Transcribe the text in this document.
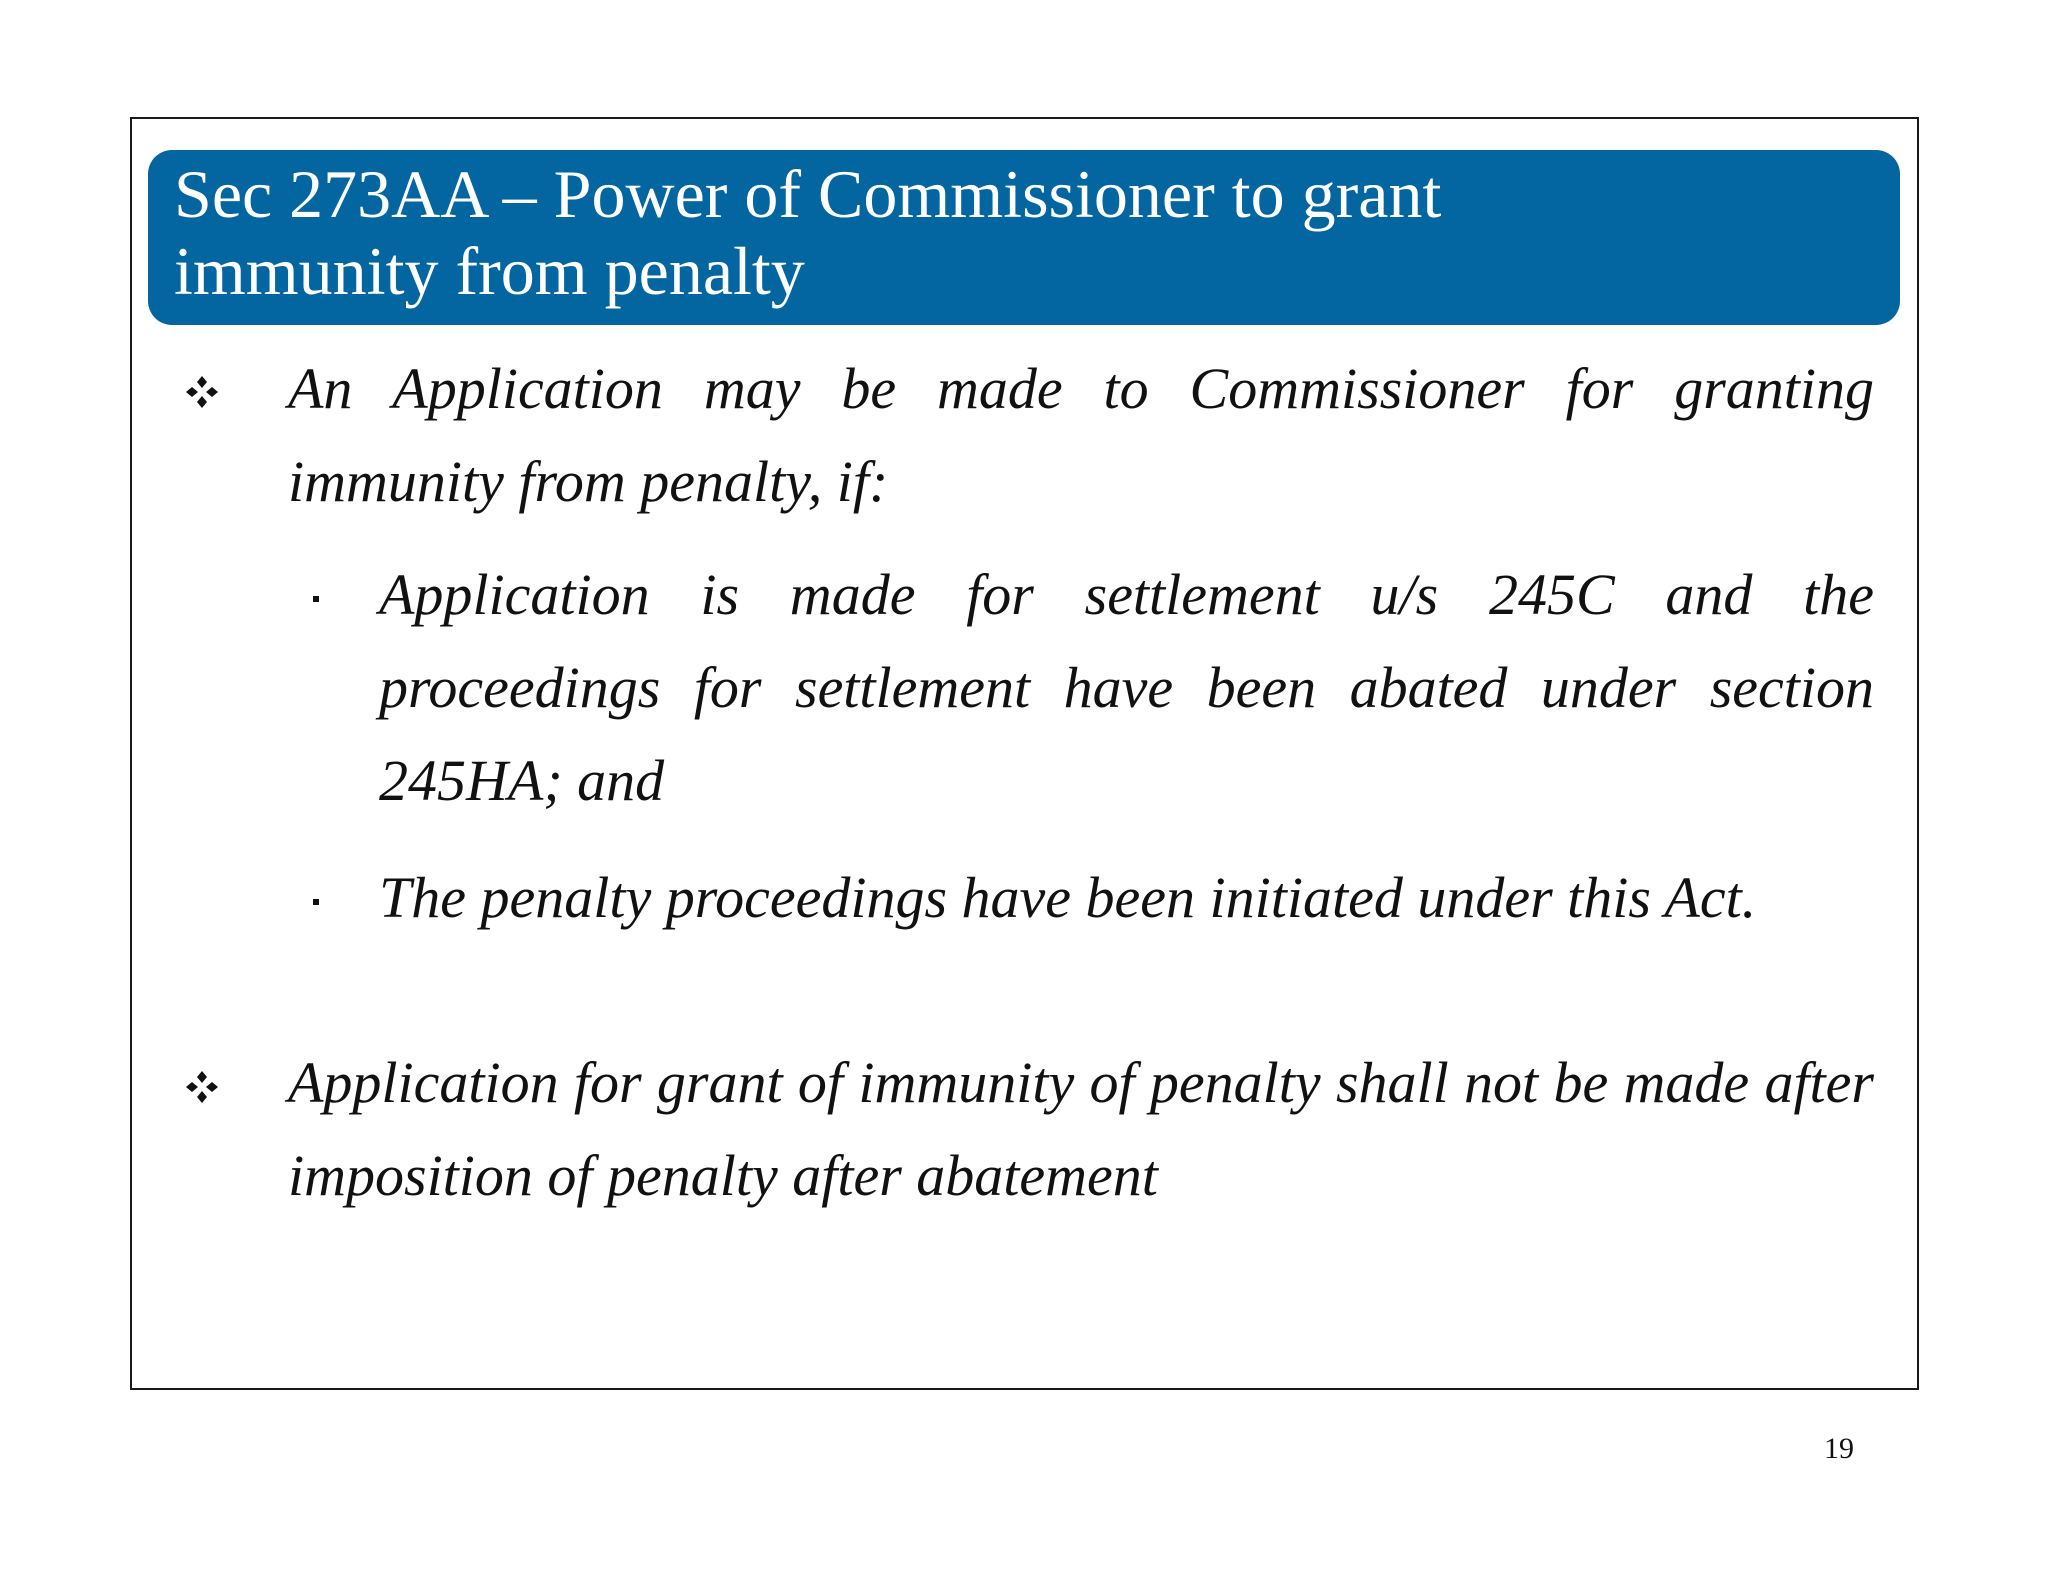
Sec 273AA – Power of Commissioner to grant immunity from penalty

An Application may be made to Commissioner for granting immunity from penalty, if:

Application is made for settlement u/s 245C and the proceedings for settlement have been abated under section 245HA; and

The penalty proceedings have been initiated under this Act.

Application for grant of immunity of penalty shall not be made after imposition of penalty after abatement

19
